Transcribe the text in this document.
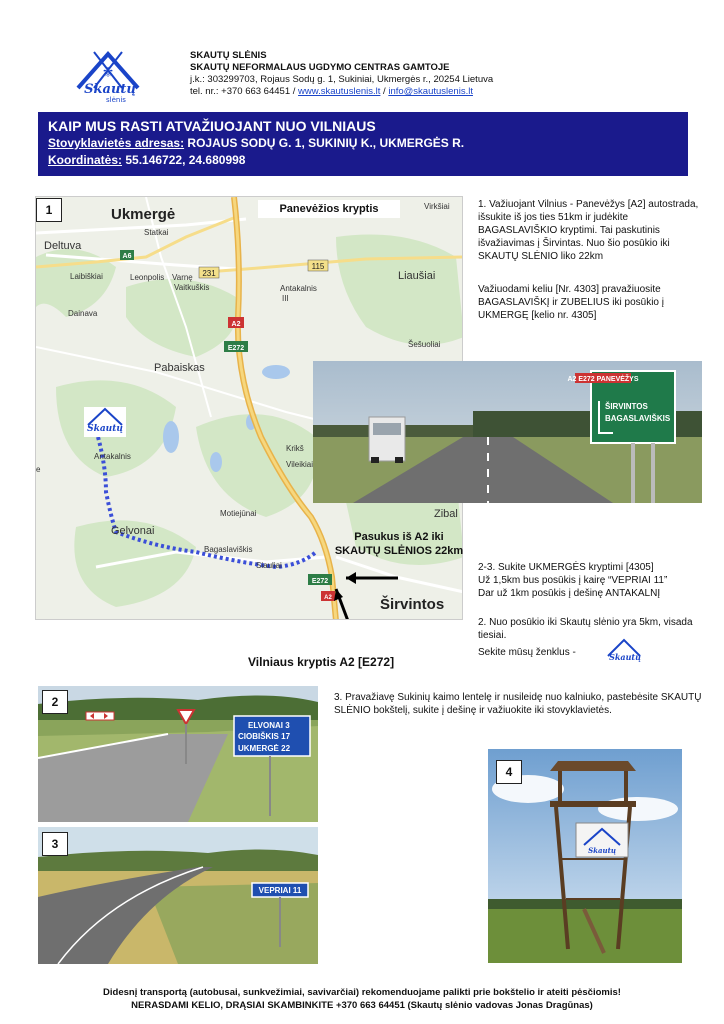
⚜
Skautų
slėnis
SKAUTŲ SLĖNIS
SKAUTŲ NEFORMALAUS UGDYMO CENTRAS GAMTOJE
j.k.: 303299703, Rojaus Sodų g. 1, Sukiniai, Ukmergės r., 20254 Lietuva
tel. nr.: +370 663 64451 / www.skautuslenis.lt / info@skautuslenis.lt
KAIP MUS RASTI ATVAŽIUOJANT NUO VILNIAUS
Stovyklavietės adresas: ROJAUS SODŲ G. 1, SUKINIŲ K., UKMERGĖS R.
Koordinatės: 55.146722, 24.680998
Skautų
A6
231
115
A2
E272
E272
A2
Ukmergė
Statkai
Deltuva
Laibiškiai	Leonpolis
Dainava
Varnę
Vaitkuškis	Antakalnis
III
Liaušiai
Virkšiai
Šešuoliai
Pabaiskas
Antakalnis
Krikš
Vileikiai
Motiejūnai
Gelvonai
Bagaslaviškis
Siauliai
Zibal
Širvintos
e
1	Panevėžios kryptis
A2 E272 PANEVĖŽYS
ŠIRVINTOS
BAGASLAVIŠKIS
1. Važiuojant Vilnius - Panevėžys [A2] autostrada, išsukite iš jos ties 51km ir judėkite BAGASLAVIŠKIO kryptimi. Tai paskutinis išvažiavimas į Širvintas. Nuo šio posūkio iki SKAUTŲ SLĖNIO liko 22km
Važiuodami keliu [Nr. 4303] pravažiuosite BAGASLAVIŠKĮ ir ZUBELIUS iki posūkio į UKMERGĘ [kelio nr. 4305]
Pasukus iš A2 iki SKAUTŲ SLĖNIOS 22km
2-3. Sukite UKMERGĖS kryptimi [4305]
Už 1,5km bus posūkis į kairę “VEPRIAI 11”
Dar už 1km posūkis į dešinę ANTAKALNĮ
2. Nuo posūkio iki Skautų slėnio yra 5km, visada tiesiai.
Sekite mūsų ženklus -	Skautų
Vilniaus kryptis A2 [E272]
3. Pravažiavę Sukinių kaimo lentelę ir nusileidę nuo kalniuko, pastebėsite SKAUTŲ SLĖNIO bokštelį, sukite į dešinę ir važiuokite iki stovyklavietės.
ELVONAI 3
CIOBIŠKIS 17
UKMERGĖ 22
2
VEPRIAI 11
3	Skautų
4
Didesnį transportą (autobusai, sunkvežimiai, savivarčiai) rekomenduojame palikti prie bokštelio ir ateiti pėsčiomis!
NERASDAMI KELIO, DRĄSIAI SKAMBINKITE +370 663 64451 (Skautų slėnio vadovas Jonas Dragūnas)
